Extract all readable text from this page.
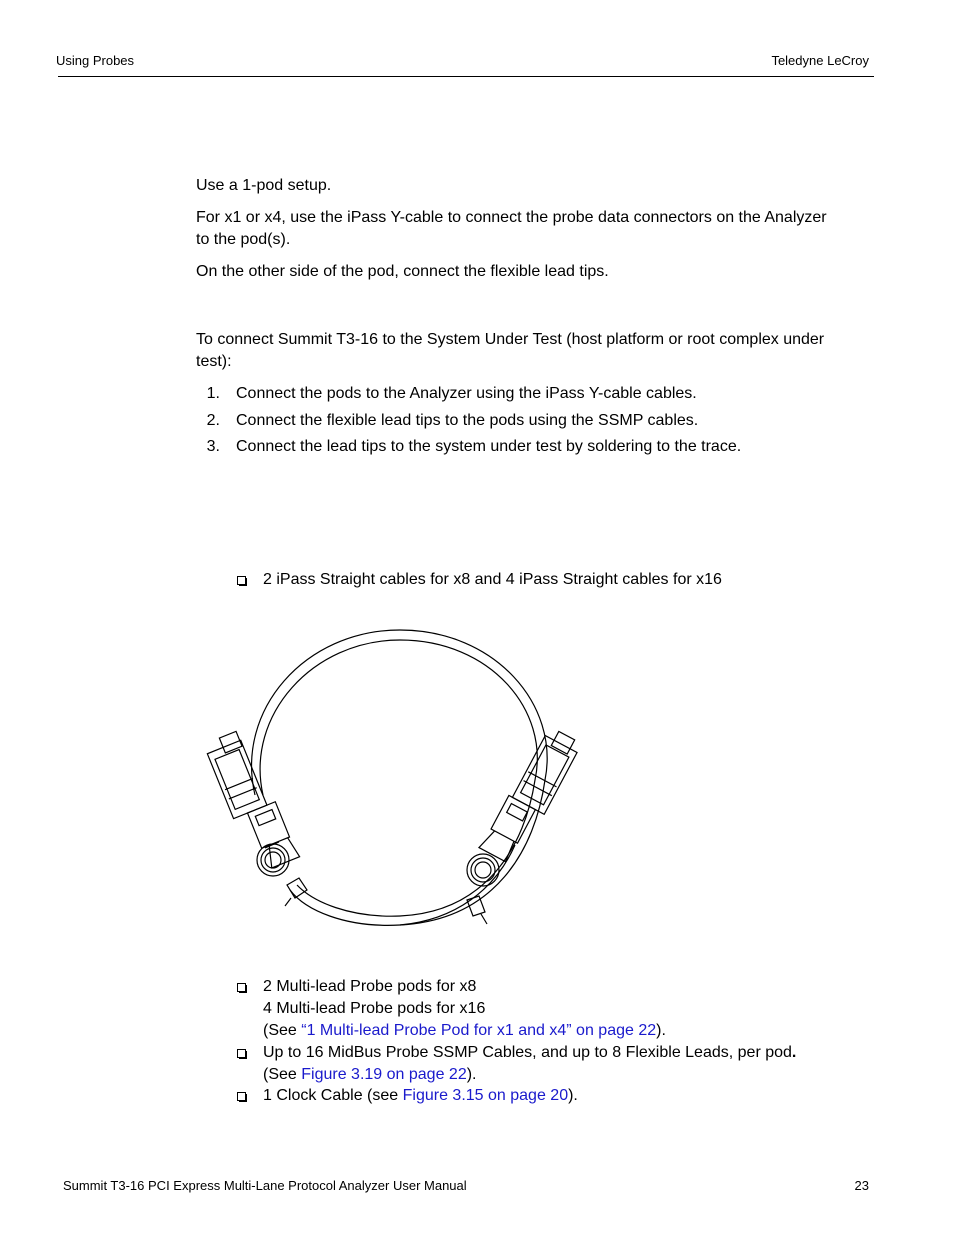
Using Probes	Teledyne LeCroy
Use a 1-pod setup.
For x1 or x4, use the iPass Y-cable to connect the probe data connectors on the Analyzer
to the pod(s).
On the other side of the pod, connect the flexible lead tips.
To connect Summit T3-16 to the System Under Test (host platform or root complex under
test):
1. Connect the pods to the Analyzer using the iPass Y-cable cables.
2. Connect the flexible lead tips to the pods using the SSMP cables.
3. Connect the lead tips to the system under test by soldering to the trace.
2 iPass Straight cables for x8 and 4 iPass Straight cables for x16
2 Multi-lead Probe pods for x8
4 Multi-lead Probe pods for x16
(See “1 Multi-lead Probe Pod for x1 and x4” on page 22).
Up to 16 MidBus Probe SSMP Cables, and up to 8 Flexible Leads, per pod.
(See Figure 3.19 on page 22).
1 Clock Cable (see Figure 3.15 on page 20).
Summit T3-16 PCI Express Multi-Lane Protocol Analyzer User Manual	23
